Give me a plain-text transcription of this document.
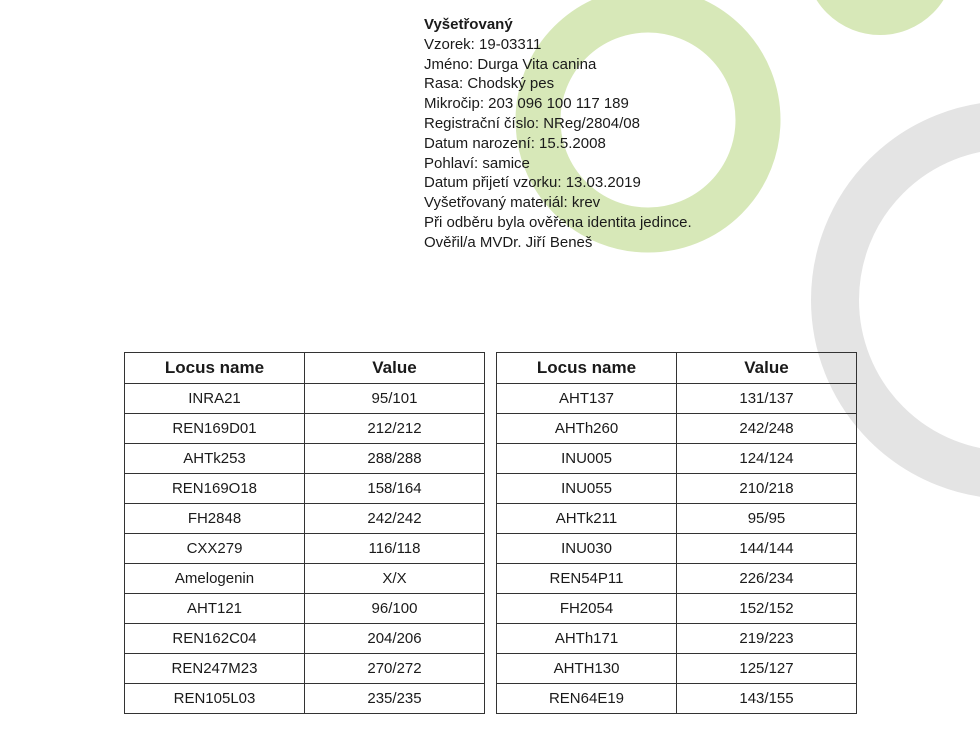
Vyšetřovaný
Vzorek: 19-03311
Jméno: Durga Vita canina
Rasa: Chodský pes
Mikročip: 203 096 100 117 189
Registrační číslo: NReg/2804/08
Datum narození: 15.5.2008
Pohlaví: samice
Datum přijetí vzorku: 13.03.2019
Vyšetřovaný materiál: krev
Při odběru byla ověřena identita jedince.
Ověřil/a MVDr. Jiří Beneš
Locus name	Value		Locus name	Value
INRA21	95/101		AHT137	131/137
REN169D01	212/212		AHTh260	242/248
AHTk253	288/288		INU005	124/124
REN169O18	158/164		INU055	210/218
FH2848	242/242		AHTk211	95/95
CXX279	116/118		INU030	144/144
Amelogenin	X/X		REN54P11	226/234
AHT121	96/100		FH2054	152/152
REN162C04	204/206		AHTh171	219/223
REN247M23	270/272		AHTH130	125/127
REN105L03	235/235		REN64E19	143/155
